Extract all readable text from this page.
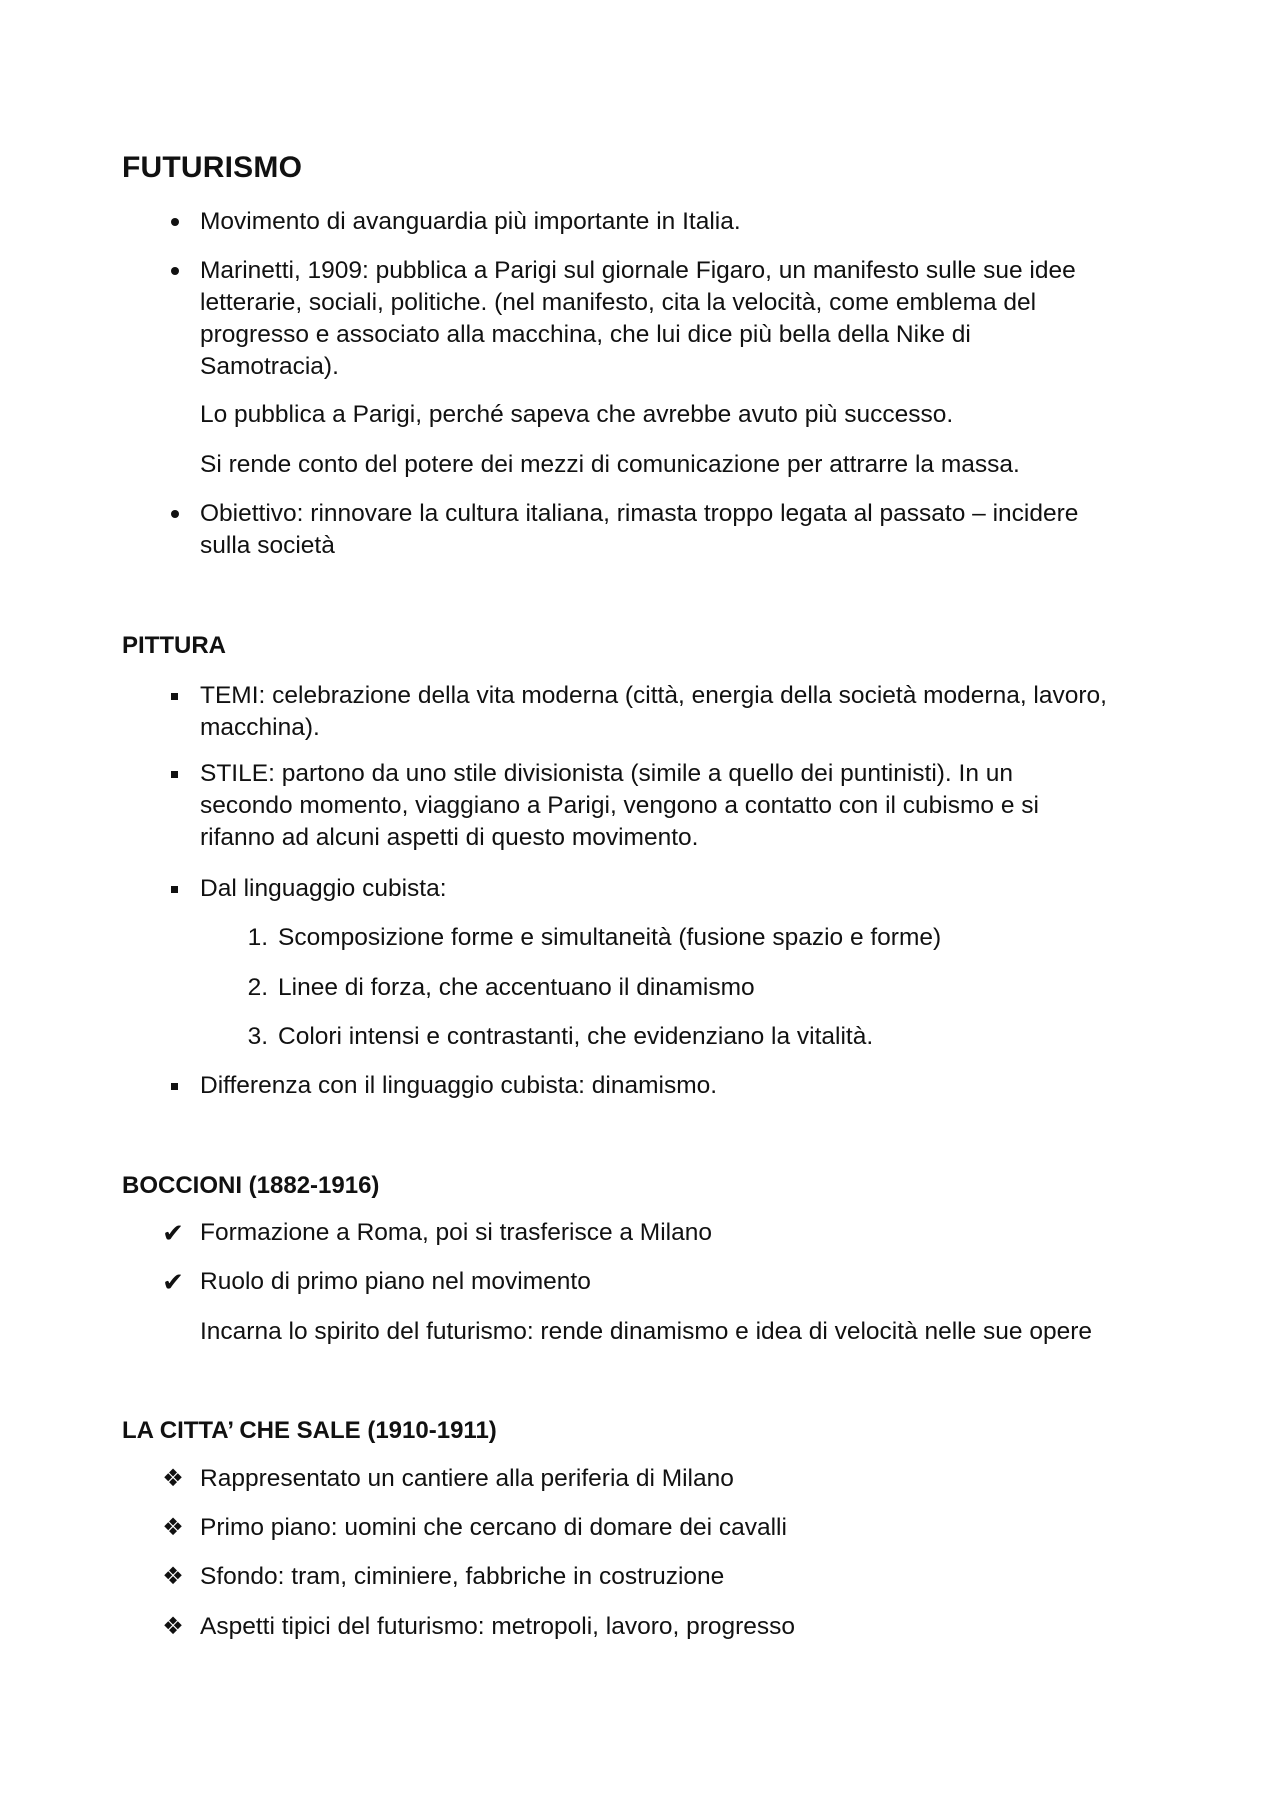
FUTURISMO
Movimento di avanguardia più importante in Italia.
Marinetti, 1909: pubblica a Parigi sul giornale Figaro, un manifesto sulle sue idee
letterarie, sociali, politiche. (nel manifesto, cita la velocità, come emblema del
progresso e associato alla macchina, che lui dice più bella della Nike di
Samotracia).
Lo pubblica a Parigi, perché sapeva che avrebbe avuto più successo.
Si rende conto del potere dei mezzi di comunicazione per attrarre la massa.
Obiettivo: rinnovare la cultura italiana, rimasta troppo legata al passato – incidere
sulla società
PITTURA
TEMI: celebrazione della vita moderna (città, energia della società moderna, lavoro,
macchina).
STILE: partono da uno stile divisionista (simile a quello dei puntinisti). In un
secondo momento, viaggiano a Parigi, vengono a contatto con il cubismo e si
rifanno ad alcuni aspetti di questo movimento.
Dal linguaggio cubista:
1. Scomposizione forme e simultaneità (fusione spazio e forme)
2. Linee di forza, che accentuano il dinamismo
3. Colori intensi e contrastanti, che evidenziano la vitalità.
Differenza con il linguaggio cubista: dinamismo.
BOCCIONI (1882-1916)
✔ Formazione a Roma, poi si trasferisce a Milano
✔ Ruolo di primo piano nel movimento
Incarna lo spirito del futurismo: rende dinamismo e idea di velocità nelle sue opere
LA CITTA’ CHE SALE (1910-1911)
❖ Rappresentato un cantiere alla periferia di Milano
❖ Primo piano: uomini che cercano di domare dei cavalli
❖ Sfondo: tram, ciminiere, fabbriche in costruzione
❖ Aspetti tipici del futurismo: metropoli, lavoro, progresso
